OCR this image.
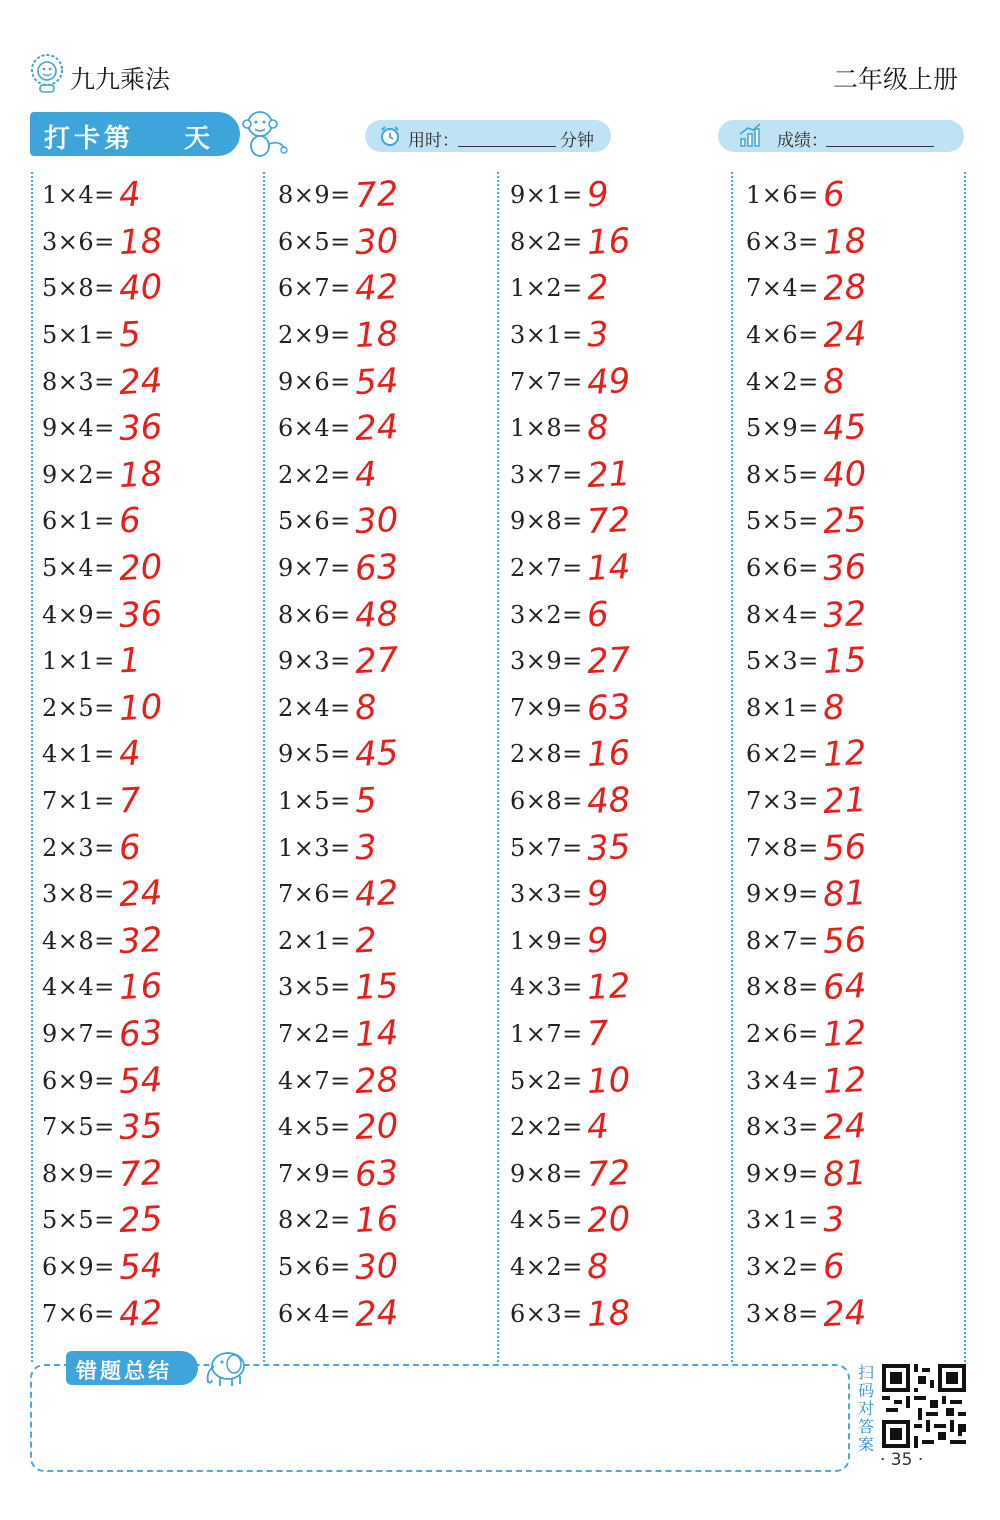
九九乘法	二年级上册
打卡第 天	用时：	分钟	成绩：
1×4= 4
3×6= 18
5×8= 40
5×1= 5
8×3= 24
9×4= 36
9×2= 18
6×1= 6
5×4= 20
4×9= 36
1×1= 1
2×5= 10
4×1= 4
7×1= 7
2×3= 6
3×8= 24
4×8= 32
4×4= 16
9×7= 63
6×9= 54
7×5= 35
8×9= 72
5×5= 25
6×9= 54
7×6= 42
8×9= 72
6×5= 30
6×7= 42
2×9= 18
9×6= 54
6×4= 24
2×2= 4
5×6= 30
9×7= 63
8×6= 48
9×3= 27
2×4= 8
9×5= 45
1×5= 5
1×3= 3
7×6= 42
2×1= 2
3×5= 15
7×2= 14
4×7= 28
4×5= 20
7×9= 63
8×2= 16
5×6= 30
6×4= 24
9×1= 9
8×2= 16
1×2= 2
3×1= 3
7×7= 49
1×8= 8
3×7= 21
9×8= 72
2×7= 14
3×2= 6
3×9= 27
7×9= 63
2×8= 16
6×8= 48
5×7= 35
3×3= 9
1×9= 9
4×3= 12
1×7= 7
5×2= 10
2×2= 4
9×8= 72
4×5= 20
4×2= 8
6×3= 18
1×6= 6
6×3= 18
7×4= 28
4×6= 24
4×2= 8
5×9= 45
8×5= 40
5×5= 25
6×6= 36
8×4= 32
5×3= 15
8×1= 8
6×2= 12
7×3= 21
7×8= 56
9×9= 81
8×7= 56
8×8= 64
2×6= 12
3×4= 12
8×3= 24
9×9= 81
3×1= 3
3×2= 6
3×8= 24
错题总结	扫码对答案
· 35 ·
